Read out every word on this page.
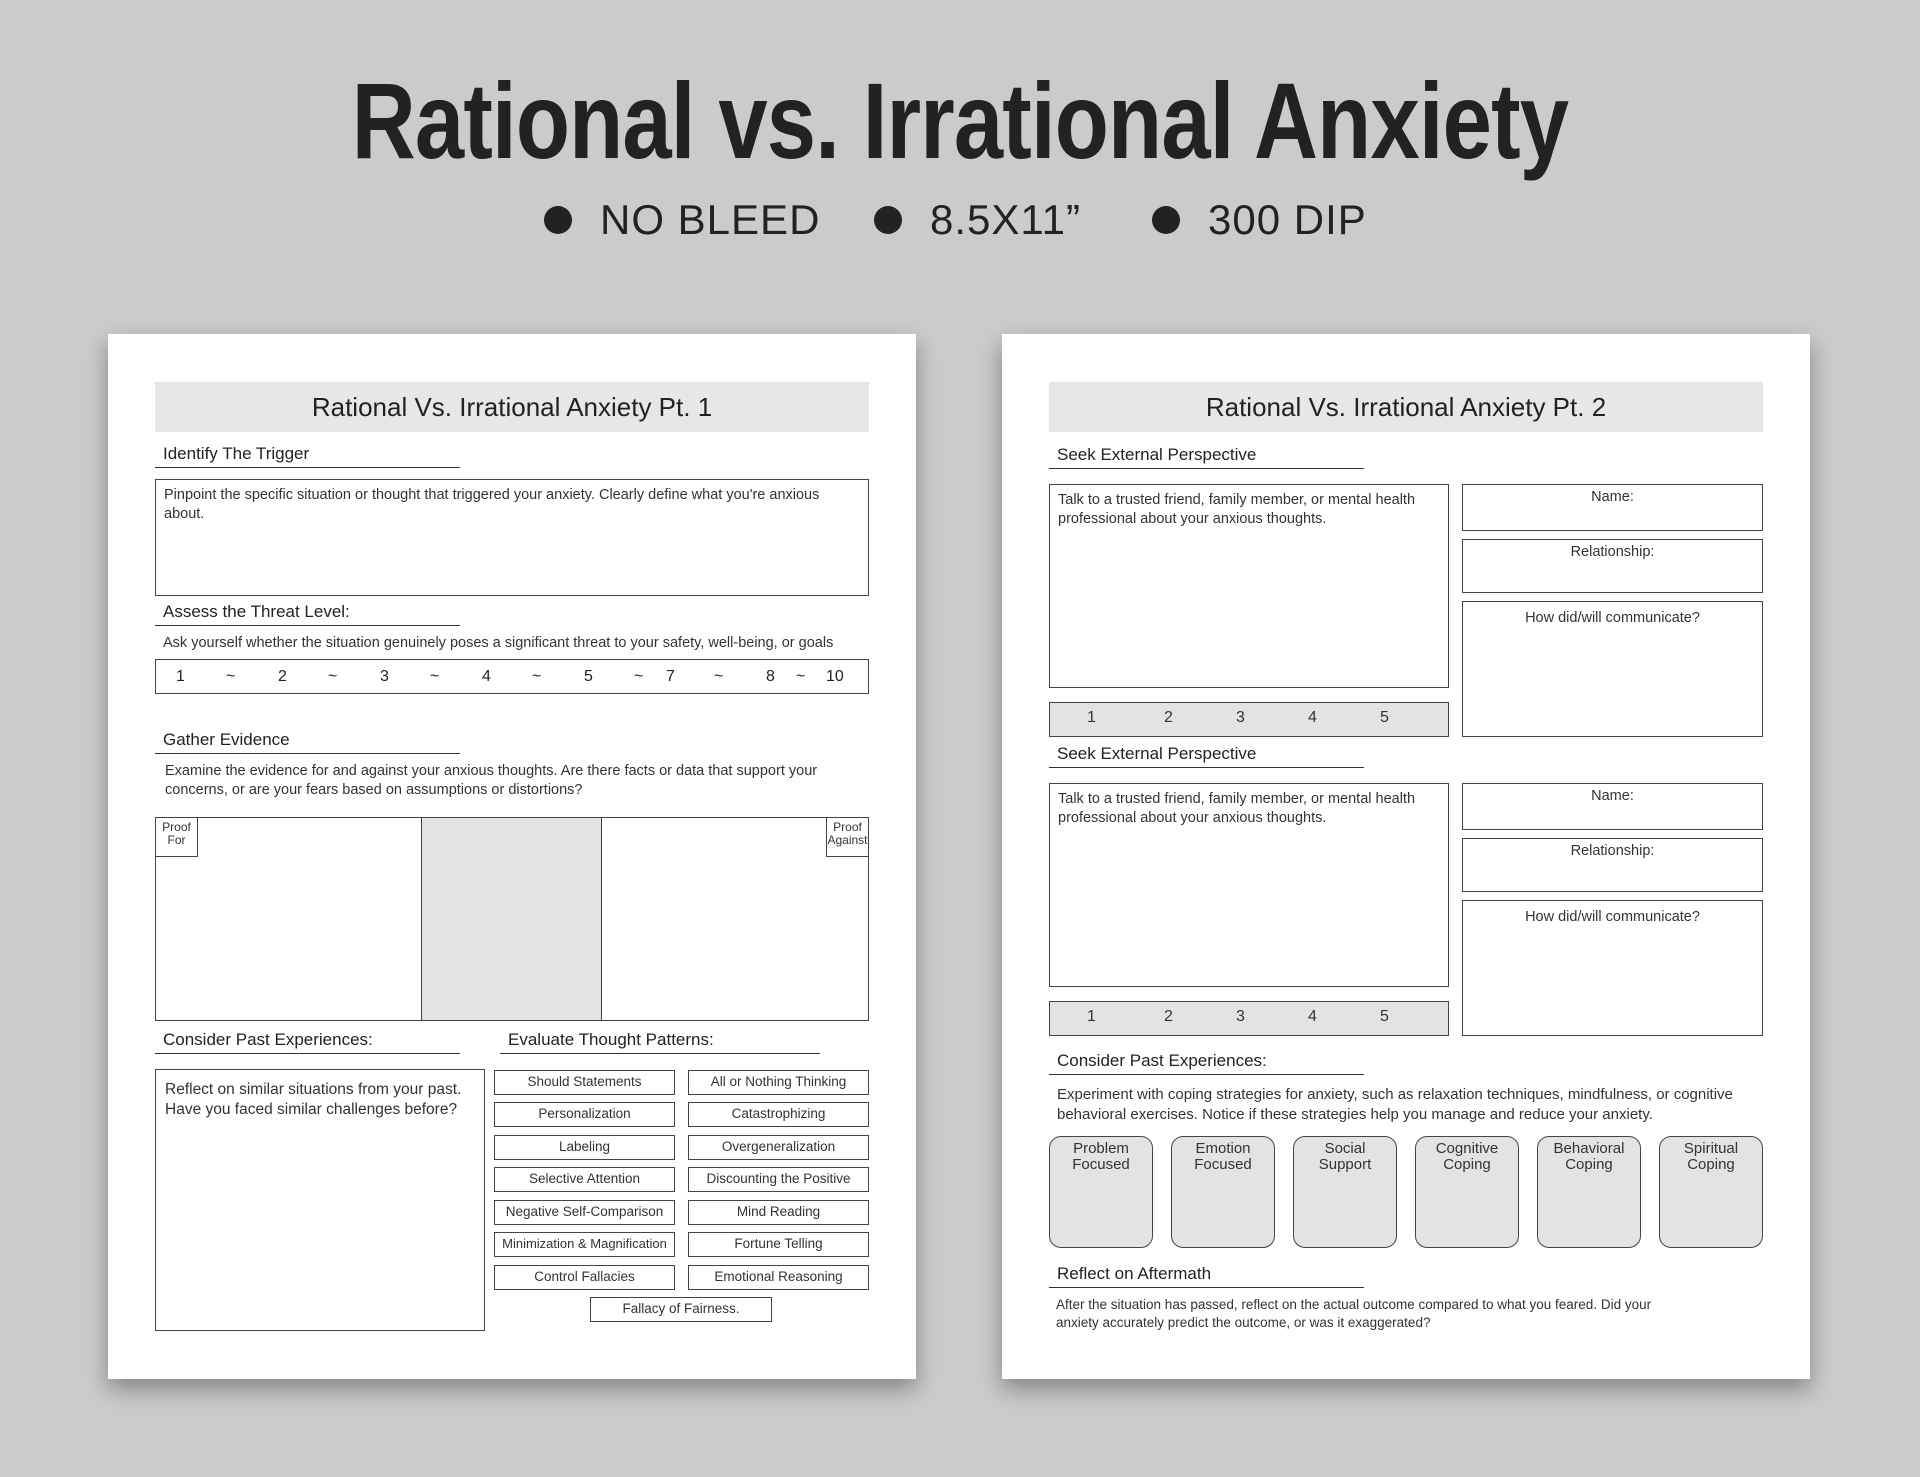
Rational vs. Irrational Anxiety
NO BLEED	8.5X11”	300 DIP
Rational Vs. Irrational Anxiety Pt. 1
Identify The Trigger
Pinpoint the specific situation or thought that triggered your anxiety. Clearly define what you're anxious about.
Assess the Threat Level:
Ask yourself whether the situation genuinely poses a significant threat to your safety, well-being, or goals
1	~	2	~	3	~	4	~	5	~ 7 ~	8 ~ 10
Gather Evidence
Examine the evidence for and against your anxious thoughts. Are there facts or data that support your concerns, or are your fears based on assumptions or distortions?
Proof
For
Proof
Against
Consider Past Experiences:
Reflect on similar situations from your past. Have you faced similar challenges before?
Evaluate Thought Patterns:
Should Statements
Personalization
Labeling
Selective Attention
Negative Self-Comparison
Minimization & Magnification
Control Fallacies
All or Nothing Thinking
Catastrophizing
Overgeneralization
Discounting the Positive
Mind Reading
Fortune Telling
Emotional Reasoning
Fallacy of Fairness.
Rational Vs. Irrational Anxiety Pt. 2
Seek External Perspective
Talk to a trusted friend, family member, or mental health professional about your anxious thoughts.
1	2	3	4	5
Name:
Relationship:
How did/will communicate?
Seek External Perspective
Talk to a trusted friend, family member, or mental health professional about your anxious thoughts.
1	2	3	4	5
Name:
Relationship:
How did/will communicate?
Consider Past Experiences:
Experiment with coping strategies for anxiety, such as relaxation techniques, mindfulness, or cognitive behavioral exercises. Notice if these strategies help you manage and reduce your anxiety.
Problem
Focused
Emotion
Focused
Social
Support
Cognitive
Coping
Behavioral
Coping
Spiritual
Coping
Reflect on Aftermath
After the situation has passed, reflect on the actual outcome compared to what you feared. Did your anxiety accurately predict the outcome, or was it exaggerated?
